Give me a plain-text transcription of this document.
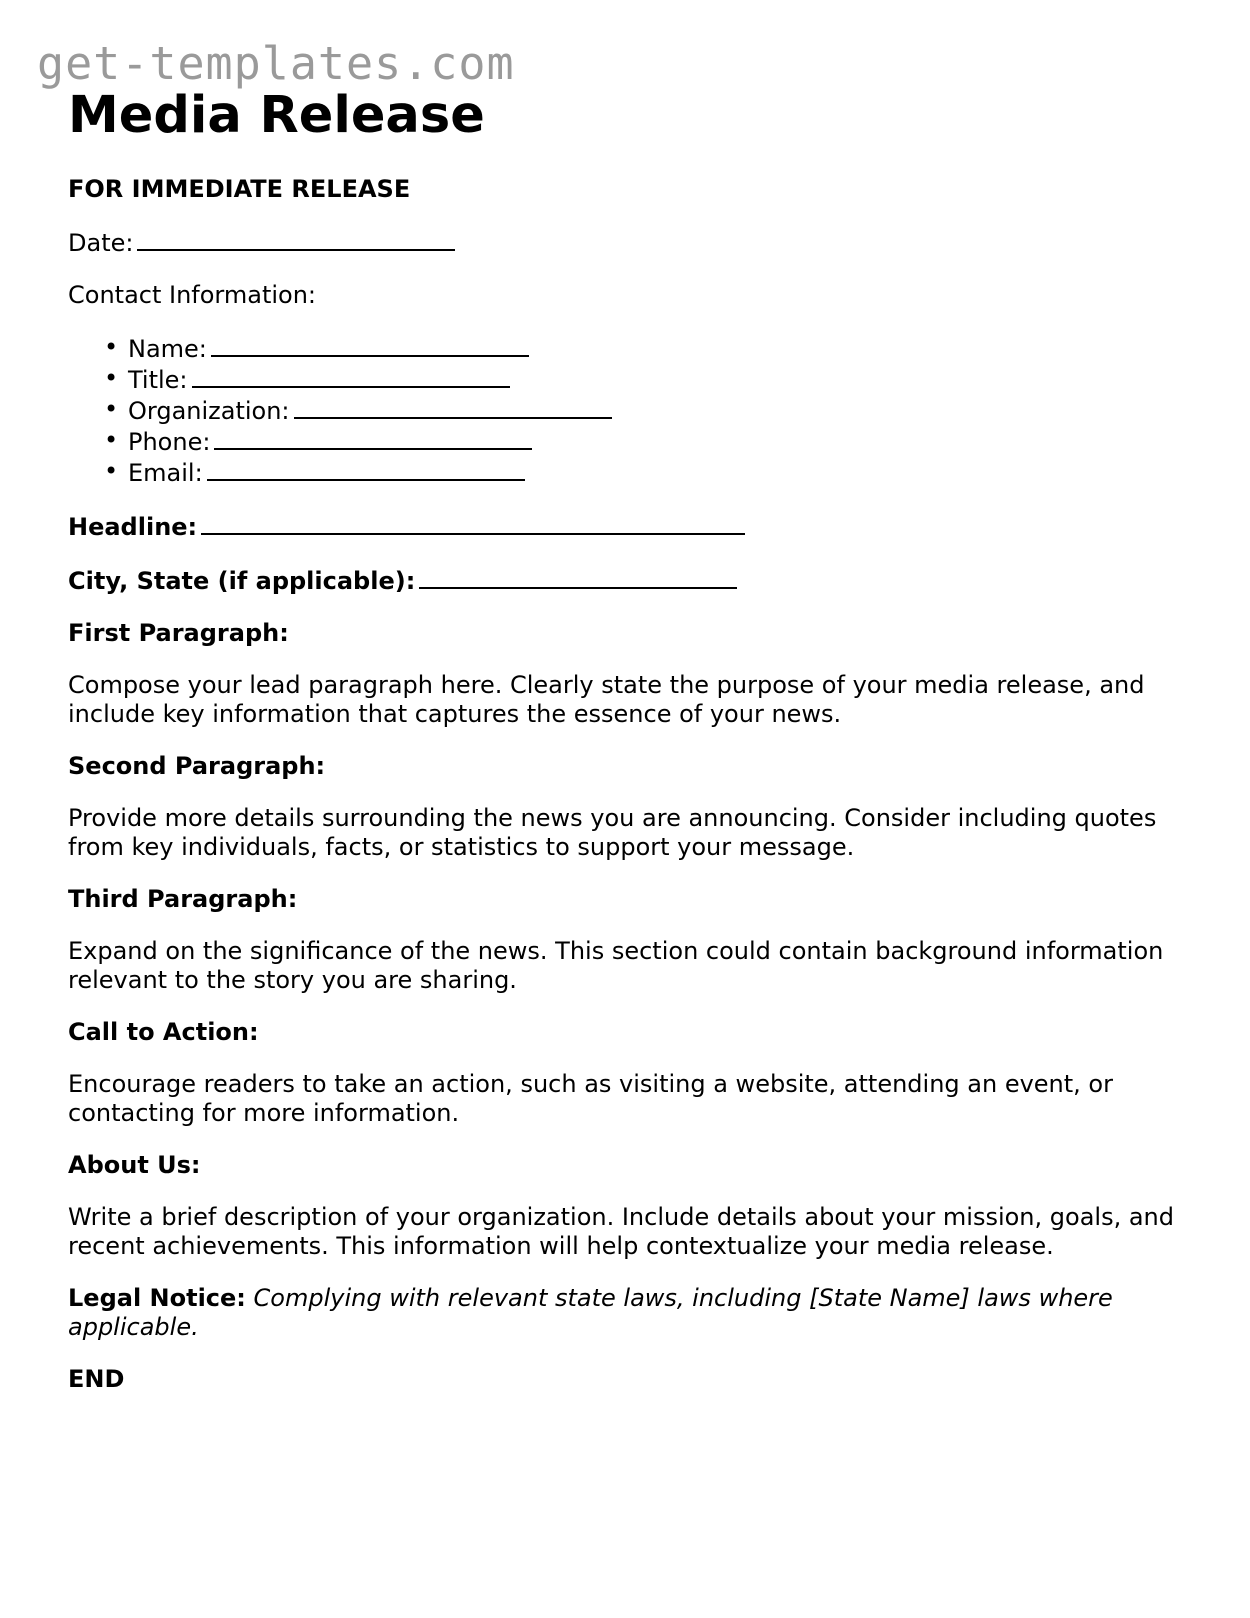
get-templates.com
Media Release

FOR IMMEDIATE RELEASE

Date:

Contact Information:

• Name:
• Title:
• Organization:
• Phone:
• Email:

Headline:

City, State (if applicable):

First Paragraph:

Compose your lead paragraph here. Clearly state the purpose of your media release, and include key information that captures the essence of your news.

Second Paragraph:

Provide more details surrounding the news you are announcing. Consider including quotes from key individuals, facts, or statistics to support your message.

Third Paragraph:

Expand on the significance of the news. This section could contain background information relevant to the story you are sharing.

Call to Action:

Encourage readers to take an action, such as visiting a website, attending an event, or contacting for more information.

About Us:

Write a brief description of your organization. Include details about your mission, goals, and recent achievements. This information will help contextualize your media release.

Legal Notice: Complying with relevant state laws, including [State Name] laws where applicable.

END
